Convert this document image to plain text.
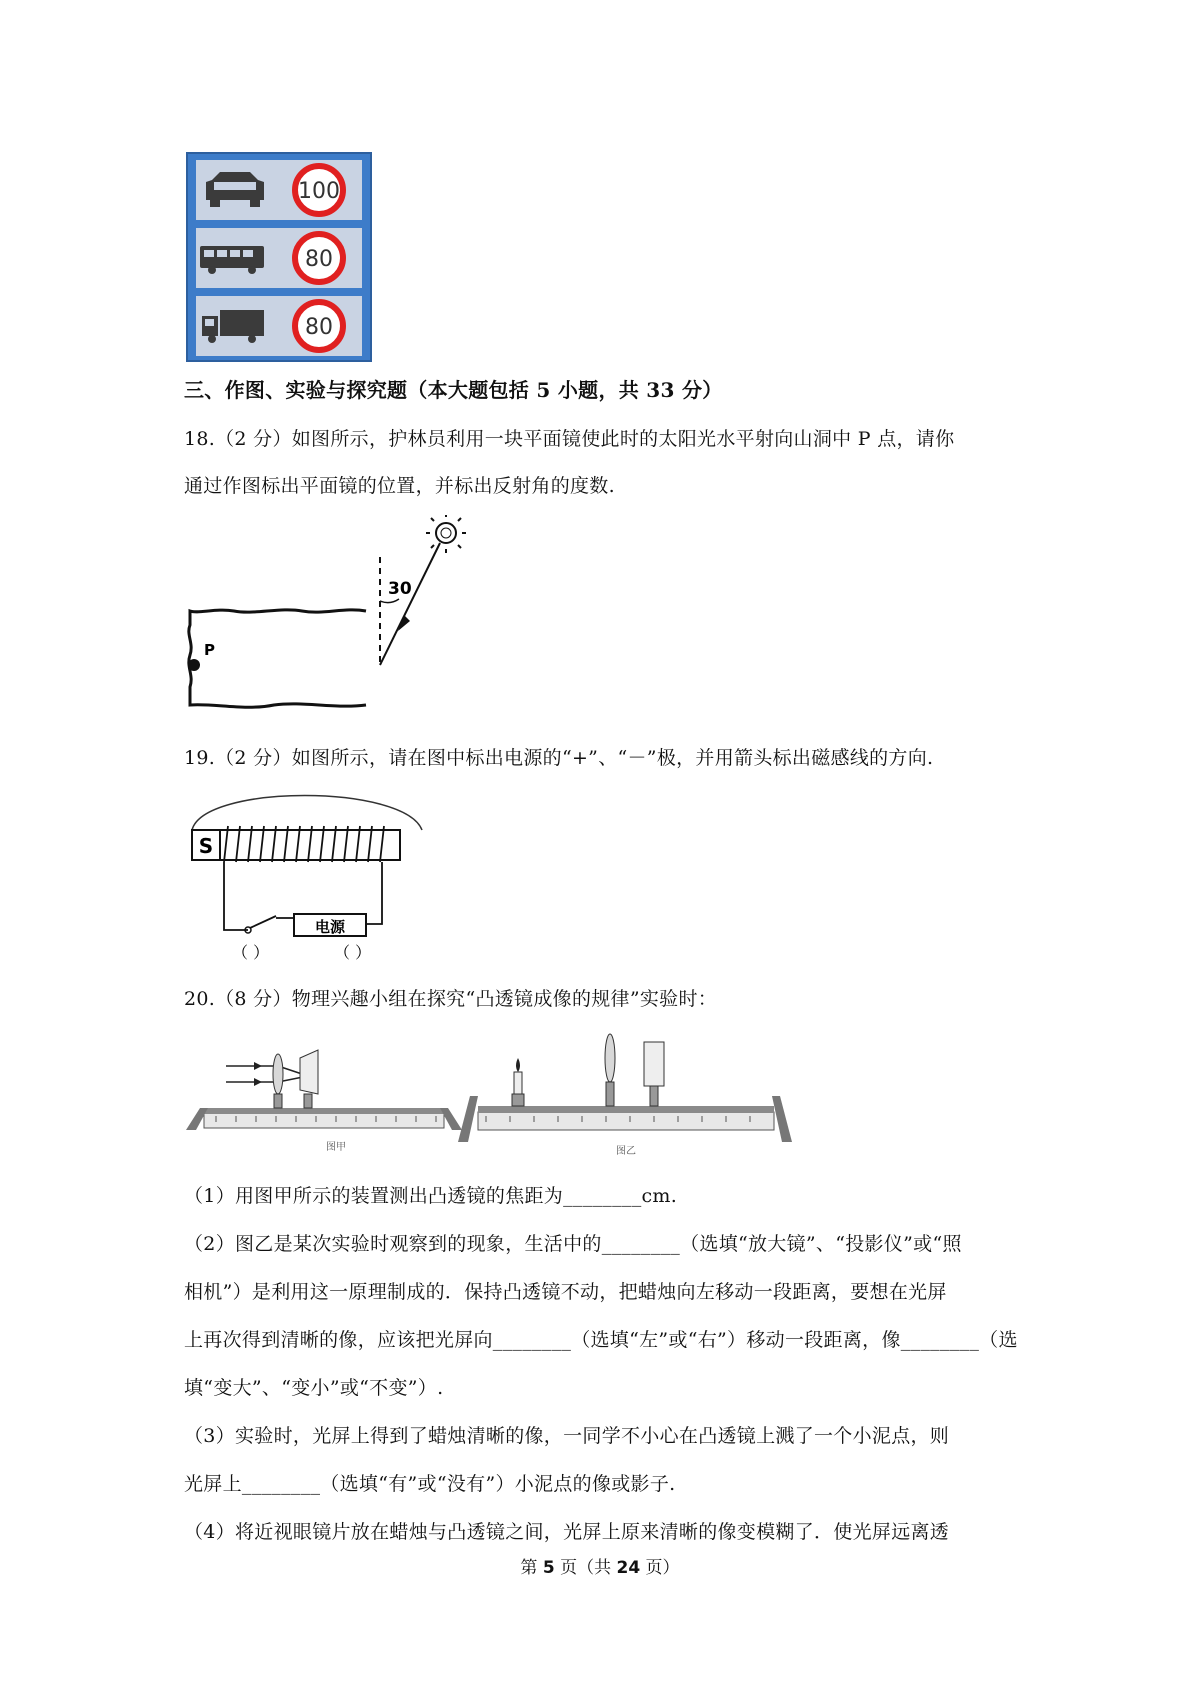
100
80
80
三、作图、实验与探究题（本大题包括 5 小题，共 33 分）
18.（2 分）如图所示，护林员利用一块平面镜使此时的太阳光水平射向山洞中 P 点，请你
通过作图标出平面镜的位置，并标出反射角的度数.
P
30
19.（2 分）如图所示，请在图中标出电源的“+”、“－”极，并用箭头标出磁感线的方向.
S
电源
（ ）	（ ）
20.（8 分）物理兴趣小组在探究“凸透镜成像的规律”实验时：
图甲	图乙
（1）用图甲所示的装置测出凸透镜的焦距为________cm.
（2）图乙是某次实验时观察到的现象，生活中的________（选填“放大镜”、“投影仪”或“照
相机”）是利用这一原理制成的．保持凸透镜不动，把蜡烛向左移动一段距离，要想在光屏
上再次得到清晰的像，应该把光屏向________（选填“左”或“右”）移动一段距离，像________（选
填“变大”、“变小”或“不变”）.
（3）实验时，光屏上得到了蜡烛清晰的像，一同学不小心在凸透镜上溅了一个小泥点，则
光屏上________（选填“有”或“没有”）小泥点的像或影子.
（4）将近视眼镜片放在蜡烛与凸透镜之间，光屏上原来清晰的像变模糊了．使光屏远离透
第 5 页（共 24 页）
